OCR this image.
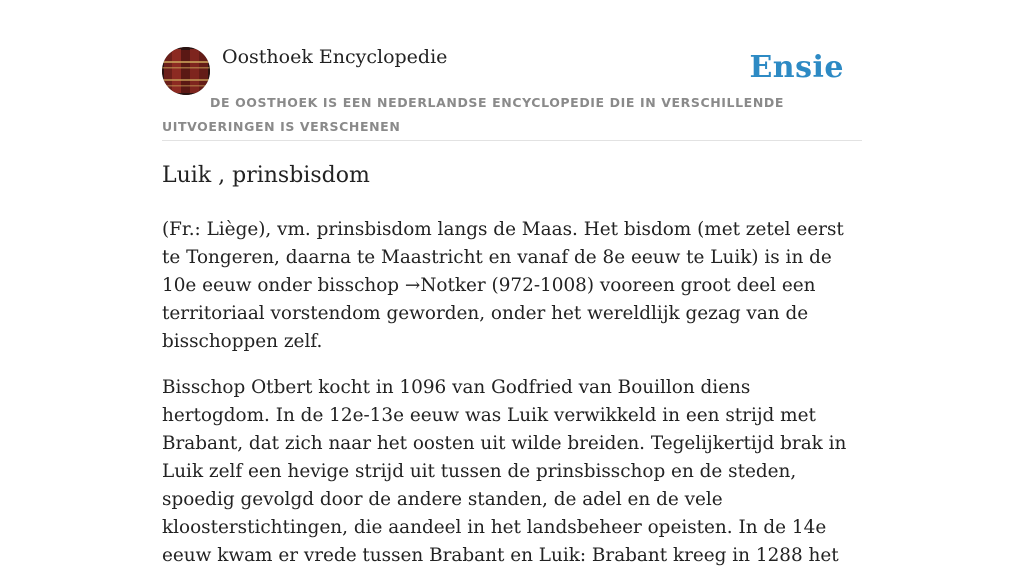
Oosthoek Encyclopedie	Ensie
DE OOSTHOEK IS EEN NEDERLANDSE ENCYCLOPEDIE DIE IN VERSCHILLENDE UITVOERINGEN IS VERSCHENEN
Luik , prinsbisdom

(Fr.: Liège), vm. prinsbisdom langs de Maas. Het bisdom (met zetel eerst te Tongeren, daarna te Maastricht en vanaf de 8e eeuw te Luik) is in de 10e eeuw onder bisschop →Notker (972-1008) vooreen groot deel een territoriaal vorstendom geworden, onder het wereldlijk gezag van de bisschoppen zelf.

Bisschop Otbert kocht in 1096 van Godfried van Bouillon diens hertogdom. In de 12e-13e eeuw was Luik verwikkeld in een strijd met Brabant, dat zich naar het oosten uit wilde breiden. Tegelijkertijd brak in Luik zelf een hevige strijd uit tussen de prinsbisschop en de steden, spoedig gevolgd door de andere standen, de adel en de vele kloosterstichtingen, die aandeel in het landsbeheer opeisten. In de 14e eeuw kwam er vrede tussen Brabant en Luik: Brabant kreeg in 1288 het
